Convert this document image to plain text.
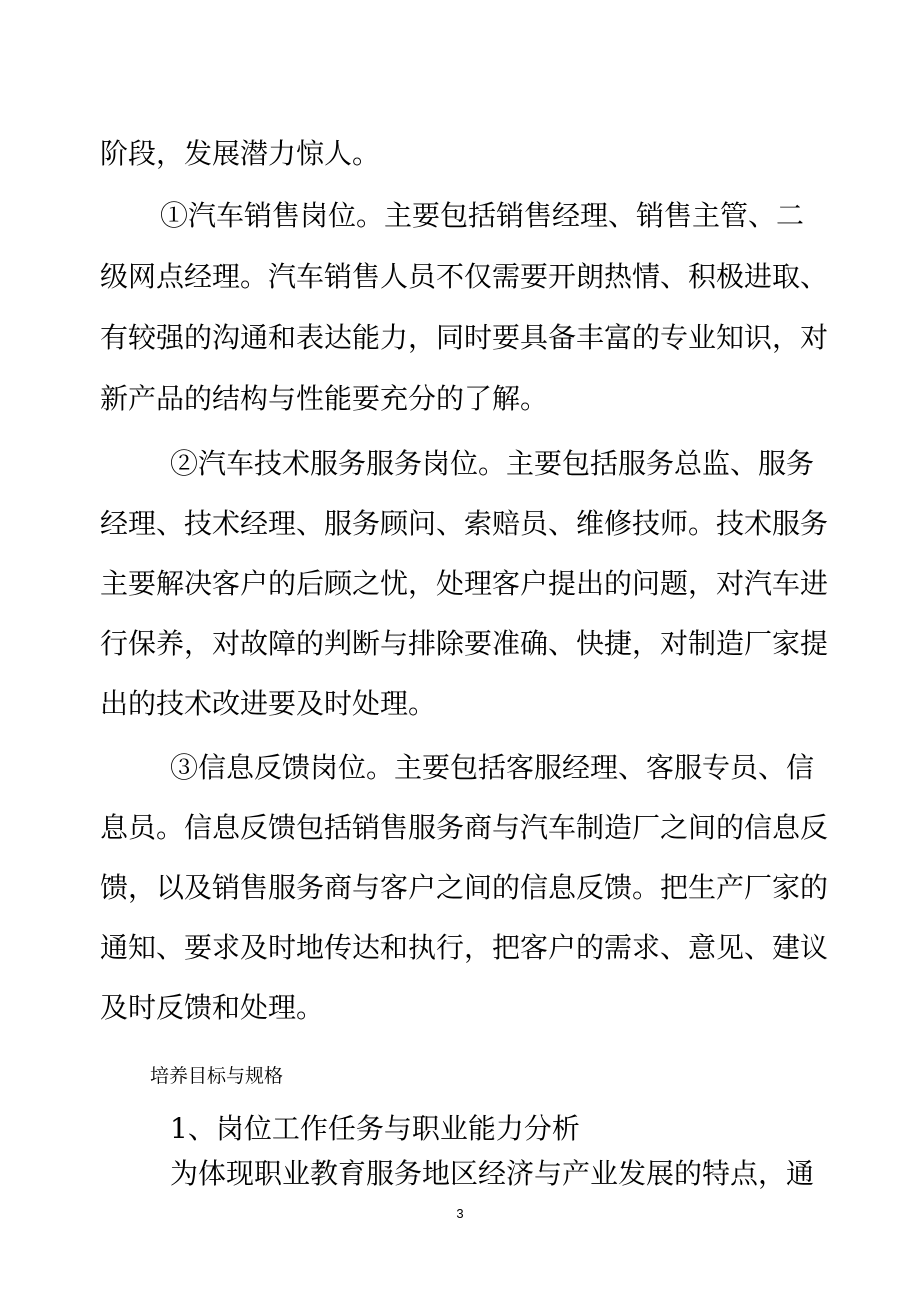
阶段，发展潜力惊人。

①汽车销售岗位。主要包括销售经理、销售主管、二

级网点经理。汽车销售人员不仅需要开朗热情、积极进取、

有较强的沟通和表达能力，同时要具备丰富的专业知识，对

新产品的结构与性能要充分的了解。

②汽车技术服务服务岗位。主要包括服务总监、服务

经理、技术经理、服务顾问、索赔员、维修技师。技术服务

主要解决客户的后顾之忧，处理客户提出的问题，对汽车进

行保养，对故障的判断与排除要准确、快捷，对制造厂家提

出的技术改进要及时处理。

③信息反馈岗位。主要包括客服经理、客服专员、信

息员。信息反馈包括销售服务商与汽车制造厂之间的信息反

馈，以及销售服务商与客户之间的信息反馈。把生产厂家的

通知、要求及时地传达和执行，把客户的需求、意见、建议

及时反馈和处理。

培养目标与规格

1、岗位工作任务与职业能力分析

为体现职业教育服务地区经济与产业发展的特点，通

3
